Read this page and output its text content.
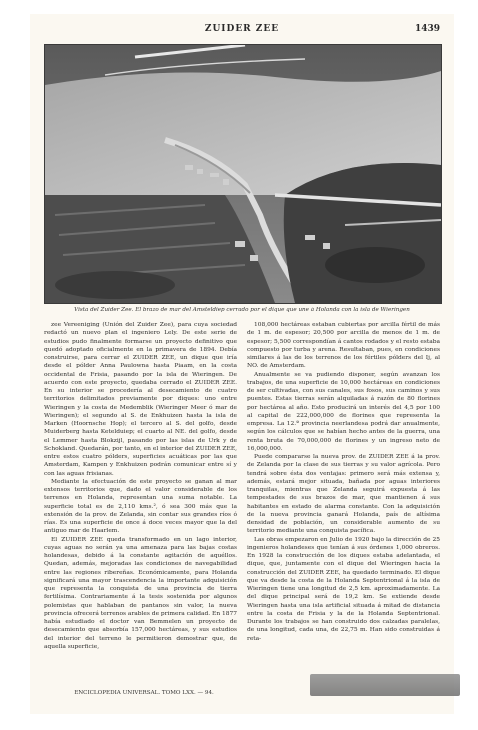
ZUIDER ZEE	1439
Vista del Zuider Zee. El brazo de mar del Amsteldiep cerrado por el dique que une á Holanda con la isla de Wieringen

zee Vereeniging (Unión del Zuider Zee), para cuya sociedad redactó un nuevo plan el ingeniero Lely. De este serie de estudios pudo finalmente formarse un proyecto definitivo que quedó adoptado oficialmente en la primavera de 1894. Debía construirse, para cerrar el ZUIDER ZEE, un dique que iría desde el pólder Anna Paulowna hasta Piaam, en la costa occidental de Frisia, pasando por la isla de Wieringen. De acuerdo con este proyecto, quedaba cerrado el ZUIDER ZEE. En su interior se procedería al desecamiento de cuatro territorios delimitados previamente por diques: uno entre Wieringen y la costa de Medemblik (Wieringer Meer ó mar de Wieringen); el segundo al S. de Enkhuizen hasta la isla de Marken (Hoornsche Hop); el tercero al S. del golfo, desde Muiderberg hasta Ketelduiep; el cuarto al NE. del golfo, desde el Lemmer hasta Blokzijl, pasando por las islas de Urk y de Schokland. Quedarán, por tanto, en el interior del ZUIDER ZEE, entre estos cuatro pólders, superficies acuáticas por las que Amsterdam, Kampen y Enkhuizen podrán comunicar entre sí y con las aguas frisianas.

Mediante la efectuación de este proyecto se ganan al mar extensos territorios que, dado el valor considerable de los terrenos en Holanda, representan una suma notable. La superficie total es de 2,110 kms.², ó sea 300 más que la extensión de la prov. de Zelanda, sin contar sus grandes ríos ó rías. Es una superficie de once á doce veces mayor que la del antiguo mar de Haarlem.

El ZUIDER ZEE queda transformado en un lago interior, cuyas aguas no serán ya una amenaza para las bajas costas holandesas, debido á la constante agitación de aquéllos. Quedan, además, mejoradas las condiciones de navegabilidad entre las regiones ribereñas. Económicamente, para Holanda significará una mayor trascendencia la importante adquisición que representa la conquista de una provincia de tierra fertilísima. Contrariamente á la tesis sostenida por algunos polemistas que hablaban de pantanos sin valor, la nueva provincia ofrecerá terrenos arables de primera calidad. En 1877 había estudiado el doctor van Bemmelen un proyecto de desecamiento que absorbía 157,000 hectáreas, y sus estudios del interior del terreno le permitieron demostrar que, de aquella superficie,

108,000 hectáreas estaban cubiertas por arcilla fértil de más de 1 m. de espesor; 20,500 por arcilla de menos de 1 m. de espesor; 5,500 correspondían á cantos rodados y el resto estaba compuesto por turba y arena. Resultaban, pues, en condiciones similares á las de los terrenos de los fértiles pólders del Ij, al NO. de Amsterdam.

Anualmente se va pudiendo disponer, según avanzan los trabajos, de una superficie de 10,000 hectáreas en condiciones de ser cultivadas, con sus canales, sus fosos, sus caminos y sus puentes. Estas tierras serán alquiladas á razón de 80 florines por hectárea al año. Esto producirá un interés del 4,5 por 100 al capital de 222,000,000 de florines que representa la empresa. La 12.ª provincia neerlandesa podrá dar anualmente, según los cálculos que se habían hecho antes de la guerra, una renta bruta de 70,000,000 de florines y un ingreso neto de 16,000,000.

Puede compararse la nueva prov. de ZUIDER ZEE á la prov. de Zelanda por la clase de sus tierras y su valor agrícola. Pero tendrá sobre ésta dos ventajas: primero será más extensa y, además, estará mejor situada, bañada por aguas interiores tranquilas, mientras que Zelanda seguirá expuesta á las tempestades de sus brazos de mar, que mantienen á sus habitantes en estado de alarma constante. Con la adquisición de la nueva provincia ganará Holanda, país de altísima densidad de población, un considerable aumento de su territorio mediante una conquista pacífica.

Las obras empezaron en Julio de 1920 bajo la dirección de 25 ingenieros holandeses que tenían á sus órdenes 1,000 obreros. En 1928 la construcción de los diques estaba adelantada, el dique, que, juntamente con el dique del Wieringen hacia la construcción del ZUIDER ZEE, ha quedado terminado. El dique que va desde la costa de la Holanda Septentrional á la isla de Wieringen tiene una longitud de 2,5 km. aproximadamente. La del dique principal será de 19,2 km. Se extiende desde Wieringen hasta una isla artificial situada á mitad de distancia entre la costa de Frisia y la de la Holanda Septentrional. Durante los trabajos se han construido dos calzadas paralelas, de una longitud, cada una, de 22,75 m. Han sido construidas á reta-

ENCICLOPEDIA UNIVERSAL. TOMO LXX. — 94.
